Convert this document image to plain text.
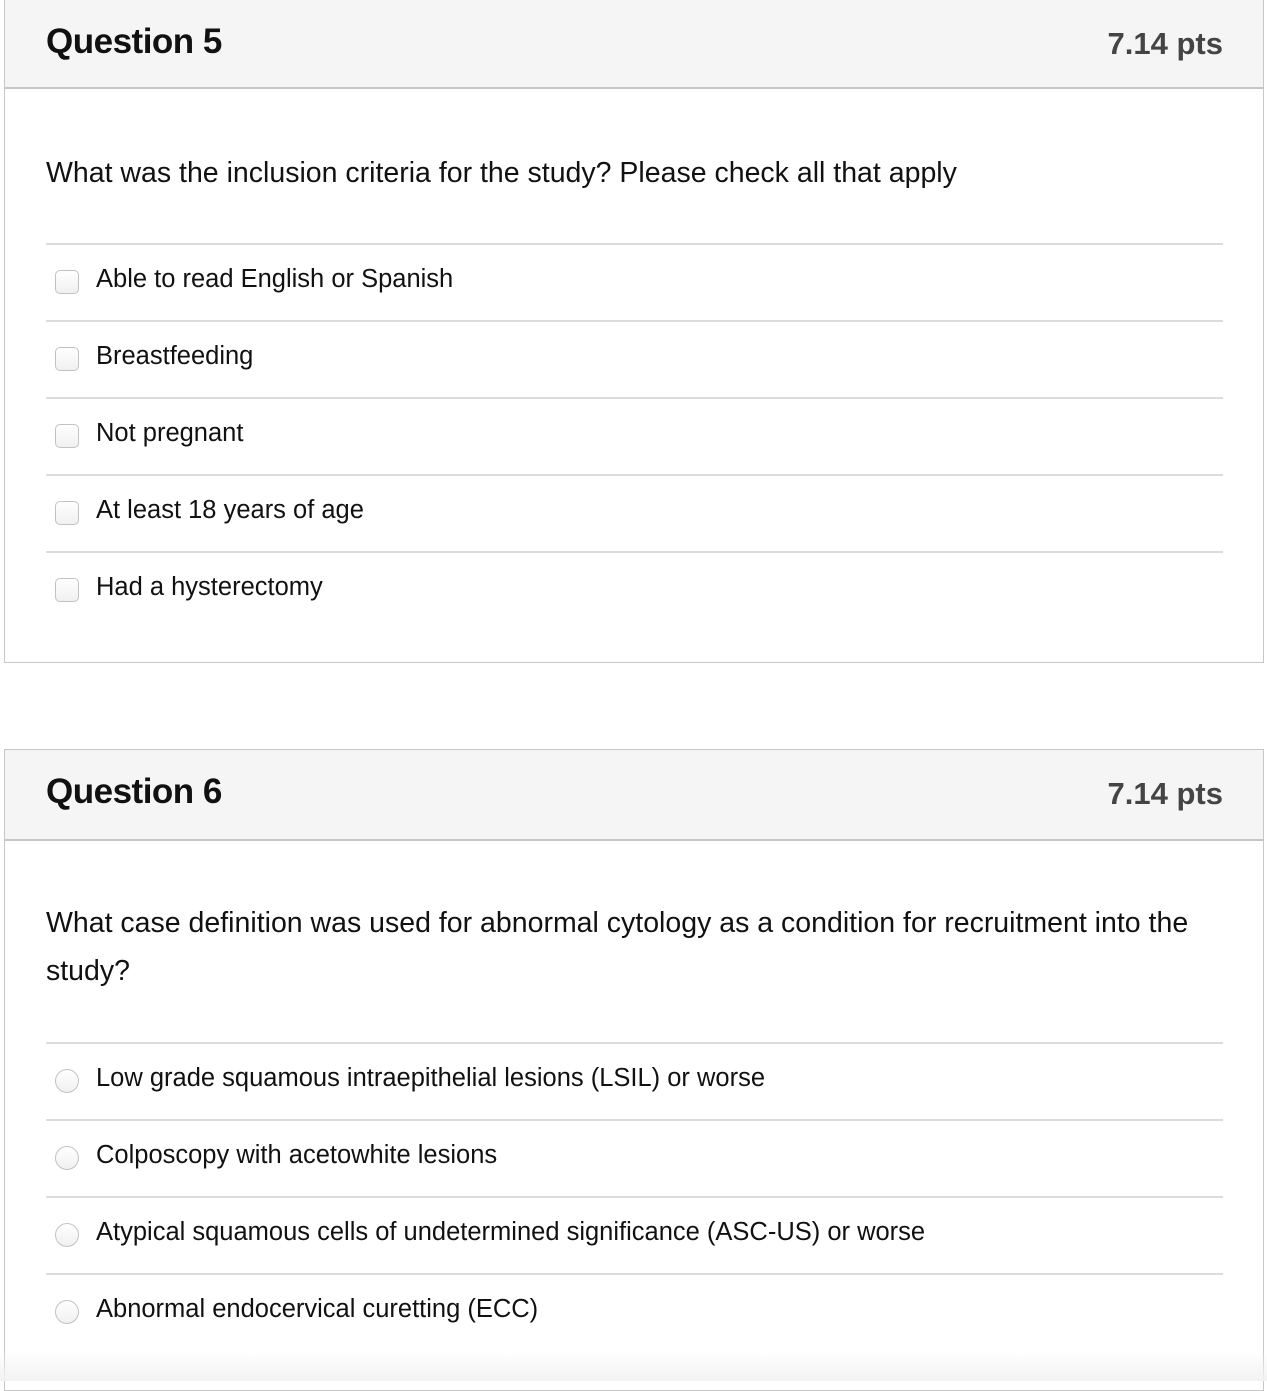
Question 5	7.14 pts
What was the inclusion criteria for the study? Please check all that apply
Able to read English or Spanish
Breastfeeding
Not pregnant
At least 18 years of age
Had a hysterectomy
Question 6	7.14 pts
What case definition was used for abnormal cytology as a condition for recruitment into the study?
Low grade squamous intraepithelial lesions (LSIL) or worse
Colposcopy with acetowhite lesions
Atypical squamous cells of undetermined significance (ASC-US) or worse
Abnormal endocervical curetting (ECC)
